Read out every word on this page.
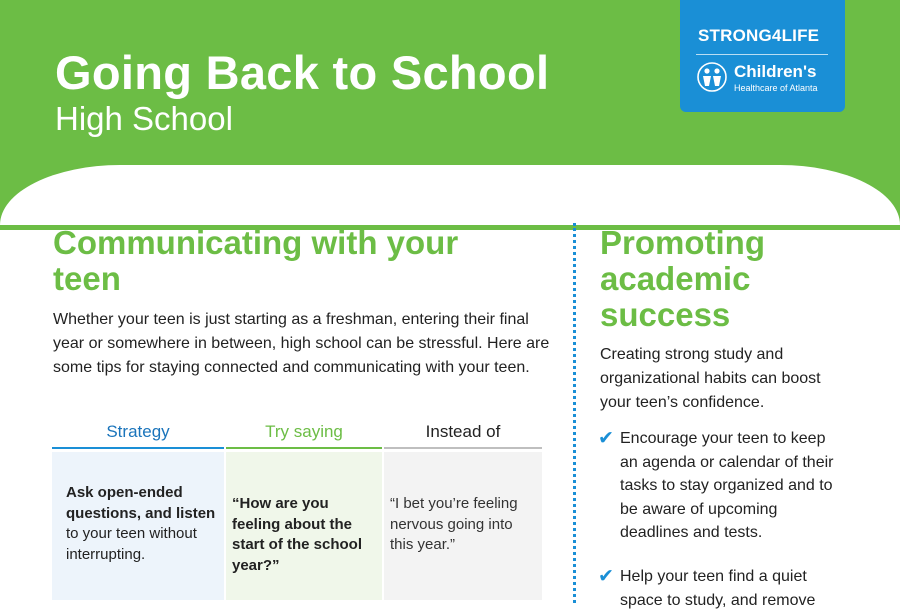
Going Back to School
High School
STRONG4LIFE
Children's
Healthcare of Atlanta
Communicating with your teen

Whether your teen is just starting as a freshman, entering their final year or somewhere in between, high school can be stressful. Here are some tips for staying connected and communicating with your teen.

Strategy	Try saying	Instead of
Ask open-ended questions, and listen to your teen without interrupting.
“How are you feeling about the start of the school year?”
“I bet you’re feeling nervous going into this year.”
Promoting academic success

Creating strong study and organizational habits can boost your teen’s confidence.

✔ Encourage your teen to keep an agenda or calendar of their tasks to stay organized and to be aware of upcoming deadlines and tests.

✔ Help your teen find a quiet space to study, and remove
